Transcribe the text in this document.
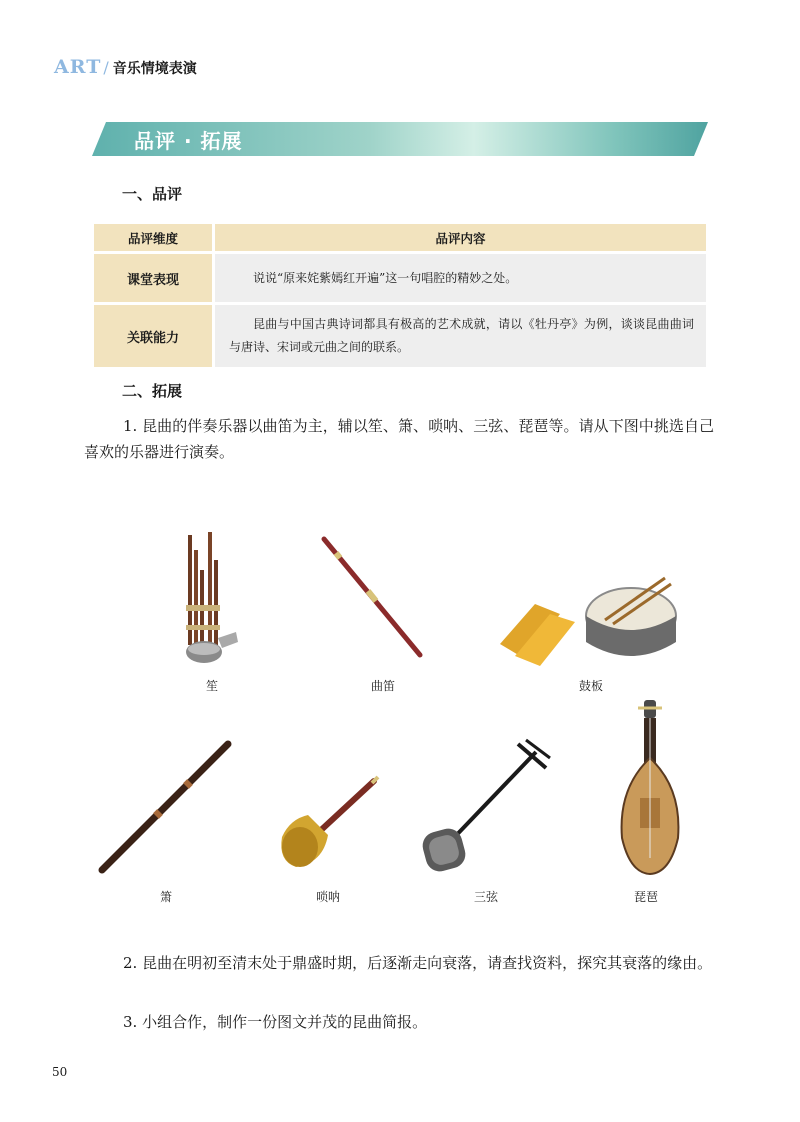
ART / 音乐情境表演
品评 · 拓展
一、品评
品评维度	品评内容
课堂表现	说说“原来姹紫嫣红开遍”这一句唱腔的精妙之处。
关联能力	昆曲与中国古典诗词都具有极高的艺术成就，请以《牡丹亭》为例，谈谈昆曲曲词与唐诗、宋词或元曲之间的联系。
二、拓展
1. 昆曲的伴奏乐器以曲笛为主，辅以笙、箫、唢呐、三弦、琵琶等。请从下图中挑选自己喜欢的乐器进行演奏。
笙	曲笛	鼓板
箫	唢呐	三弦	琵琶
2. 昆曲在明初至清末处于鼎盛时期，后逐渐走向衰落，请查找资料，探究其衰落的缘由。
3. 小组合作，制作一份图文并茂的昆曲简报。
50
